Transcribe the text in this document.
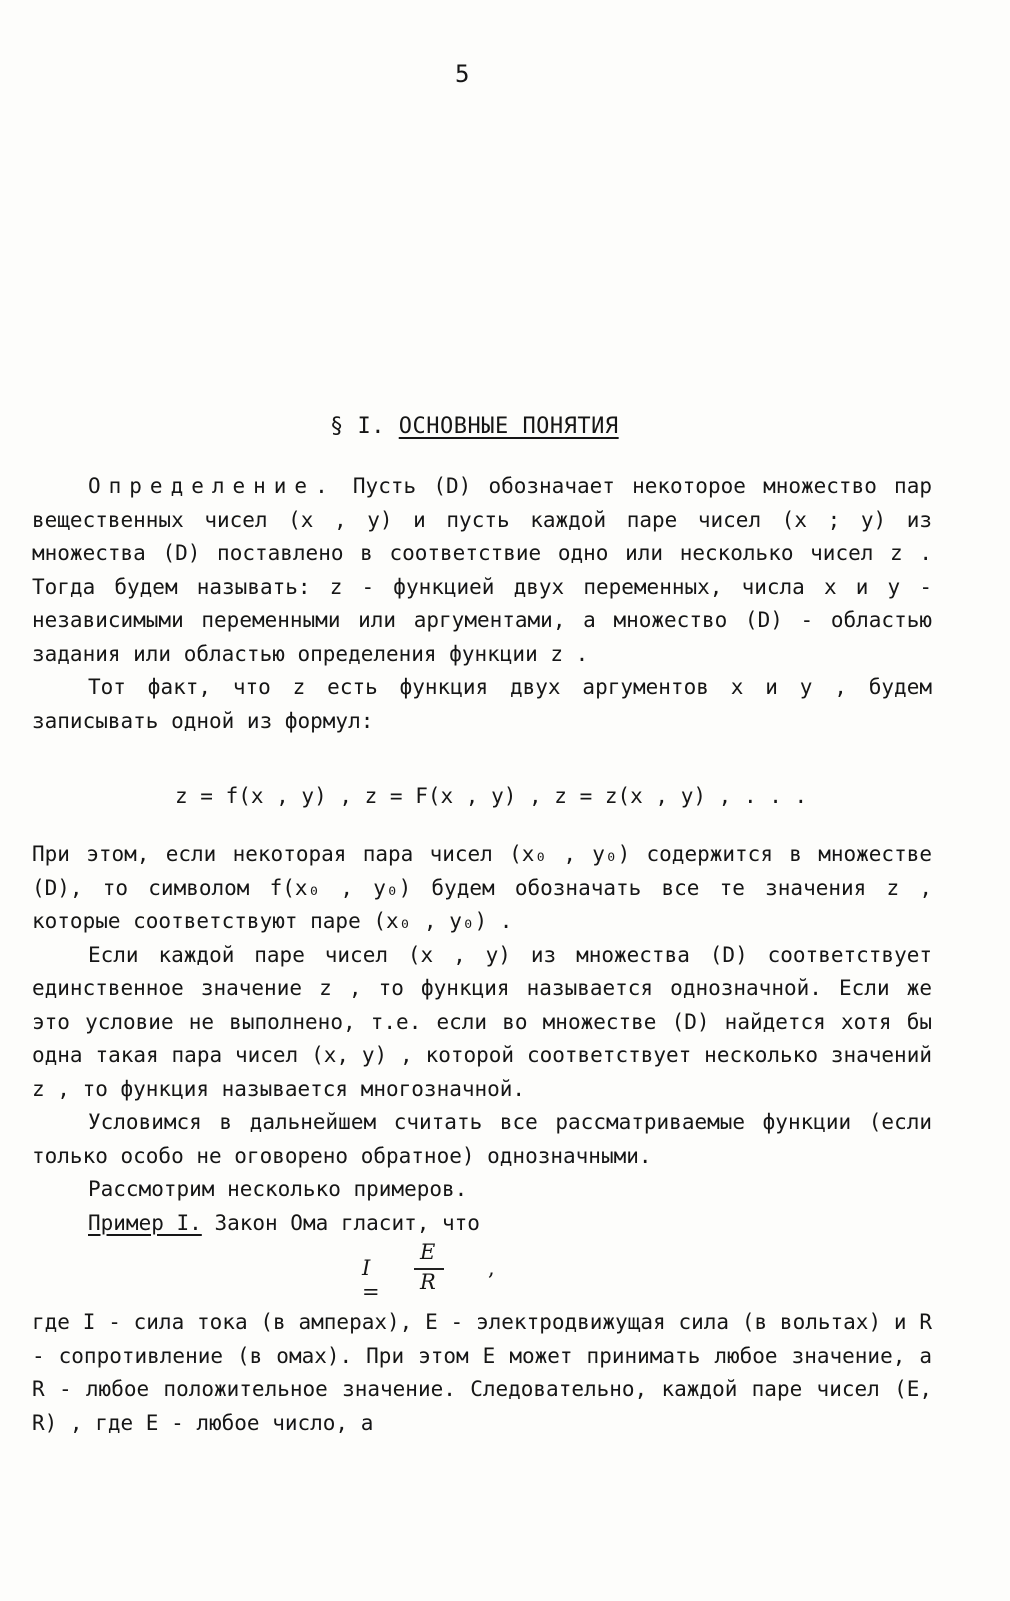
5
§ I. ОСНОВНЫЕ ПОНЯТИЯ

Определение. Пусть (D) обозначает некоторое множество пар вещественных чисел (x , y) и пусть каждой паре чисел (x ; y) из множества (D) поставлено в соответствие одно или несколько чисел z . Тогда будем называть: z - функцией двух переменных, числа x и y - независимыми переменными или аргументами, а множество (D) - областью задания или областью определения функции z .

Тот факт, что z есть функция двух аргументов x и y , будем записывать одной из формул:

z = f(x , y) , z = F(x , y) , z = z(x , y) , . . .

При этом, если некоторая пара чисел (x₀ , y₀) содержится в множестве (D), то символом f(x₀ , y₀) будем обозначать все те значения z , которые соответствуют паре (x₀ , y₀) .

Если каждой паре чисел (x , y) из множества (D) соответствует единственное значение z , то функция называется однозначной. Если же это условие не выполнено, т.е. если во множестве (D) найдется хотя бы одна такая пара чисел (x, y) , которой соответствует несколько значений z , то функция называется многозначной.

Условимся в дальнейшем считать все рассматриваемые функции (если только особо не оговорено обратное) однозначными.

Рассмотрим несколько примеров.

Пример I. Закон Ома гласит, что

I =
E
R
,

где I - сила тока (в амперах), E - электродвижущая сила (в вольтах) и R - сопротивление (в омах). При этом E может принимать любое значение, а R - любое положительное значение. Следовательно, каждой паре чисел (E, R) , где E - любое число, а
